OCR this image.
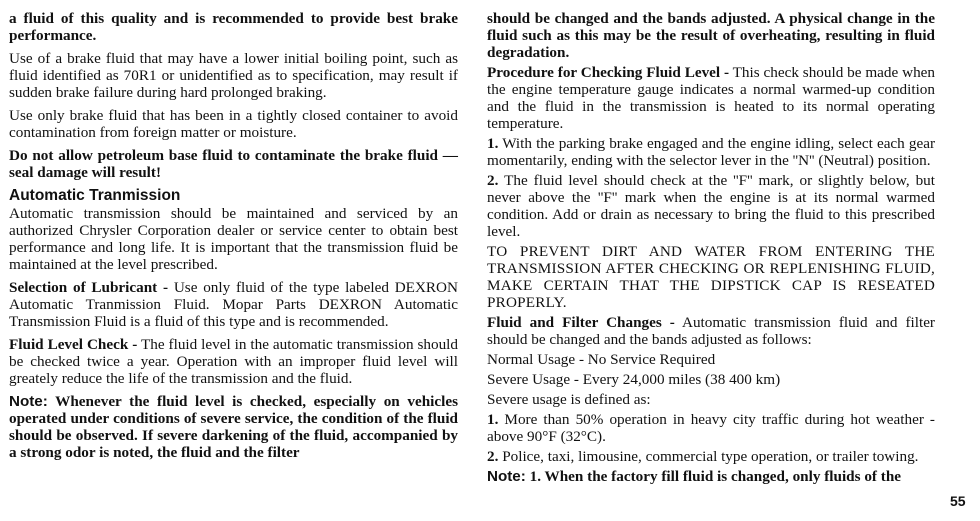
a fluid of this quality and is recommended to provide best brake performance.

Use of a brake fluid that may have a lower initial boiling point, such as fluid identified as 70R1 or unidentified as to specification, may result if sudden brake failure during hard prolonged braking.

Use only brake fluid that has been in a tightly closed container to avoid contamination from foreign matter or moisture.

Do not allow petroleum base fluid to contaminate the brake fluid — seal damage will result!

Automatic Tranmission

Automatic transmission should be maintained and serviced by an authorized Chrysler Corporation dealer or service center to obtain best performance and long life. It is important that the transmission fluid be maintained at the level prescribed.

Selection of Lubricant - Use only fluid of the type labeled DEXRON Automatic Tranmission Fluid. Mopar Parts DEXRON Automatic Transmission Fluid is a fluid of this type and is recommended.

Fluid Level Check - The fluid level in the automatic transmission should be checked twice a year. Operation with an improper fluid level will greately reduce the life of the transmission and the fluid.

Note: Whenever the fluid level is checked, especially on vehicles operated under conditions of severe service, the condition of the fluid should be observed. If severe darkening of the fluid, accompanied by a strong odor is noted, the fluid and the filter

should be changed and the bands adjusted. A physical change in the fluid such as this may be the result of overheating, resulting in fluid degradation.

Procedure for Checking Fluid Level - This check should be made when the engine temperature gauge indicates a normal warmed-up condition and the fluid in the transmission is heated to its normal operating temperature.

1. With the parking brake engaged and the engine idling, select each gear momentarily, ending with the selector lever in the ''N'' (Neutral) position.

2. The fluid level should check at the ''F'' mark, or slightly below, but never above the ''F'' mark when the engine is at its normal warmed condition. Add or drain as necessary to bring the fluid to this prescribed level.

TO PREVENT DIRT AND WATER FROM ENTERING THE TRANSMISSION AFTER CHECKING OR REPLENISHING FLUID, MAKE CERTAIN THAT THE DIPSTICK CAP IS RESEATED PROPERLY.

Fluid and Filter Changes - Automatic transmission fluid and filter should be changed and the bands adjusted as follows:

Normal Usage - No Service Required

Severe Usage - Every 24,000 miles (38 400 km)

Severe usage is defined as:

1. More than 50% operation in heavy city traffic during hot weather - above 90°F (32°C).

2. Police, taxi, limousine, commercial type operation, or trailer towing.

Note: 1. When the factory fill fluid is changed, only fluids of the

55
